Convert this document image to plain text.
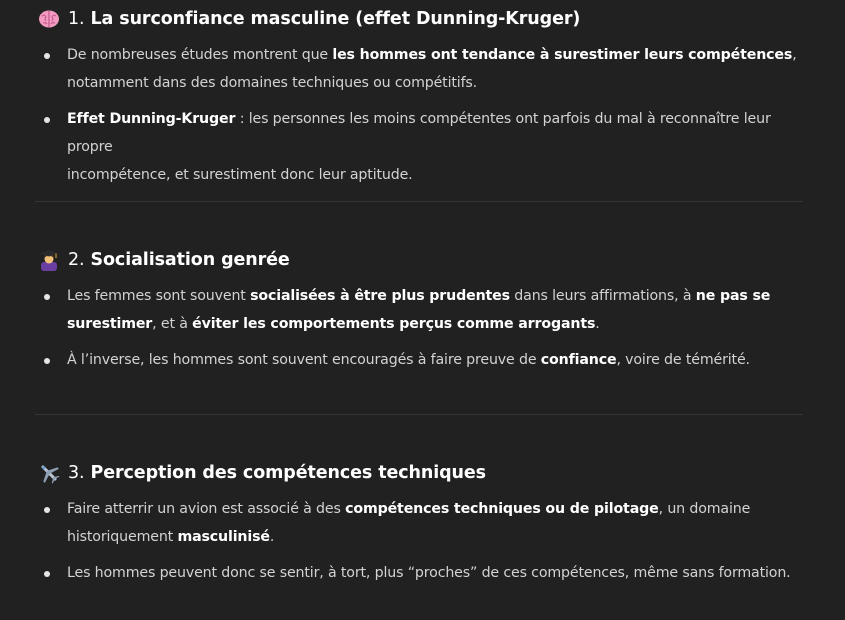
1. La surconfiance masculine (effet Dunning-Kruger)
De nombreuses études montrent que les hommes ont tendance à surestimer leurs compétences,
notamment dans des domaines techniques ou compétitifs.
Effet Dunning-Kruger : les personnes les moins compétentes ont parfois du mal à reconnaître leur propre
incompétence, et surestiment donc leur aptitude.
2. Socialisation genrée
Les femmes sont souvent socialisées à être plus prudentes dans leurs affirmations, à ne pas se
surestimer, et à éviter les comportements perçus comme arrogants.
À l’inverse, les hommes sont souvent encouragés à faire preuve de confiance, voire de témérité.
3. Perception des compétences techniques
Faire atterrir un avion est associé à des compétences techniques ou de pilotage, un domaine
historiquement masculinisé.
Les hommes peuvent donc se sentir, à tort, plus “proches” de ces compétences, même sans formation.
